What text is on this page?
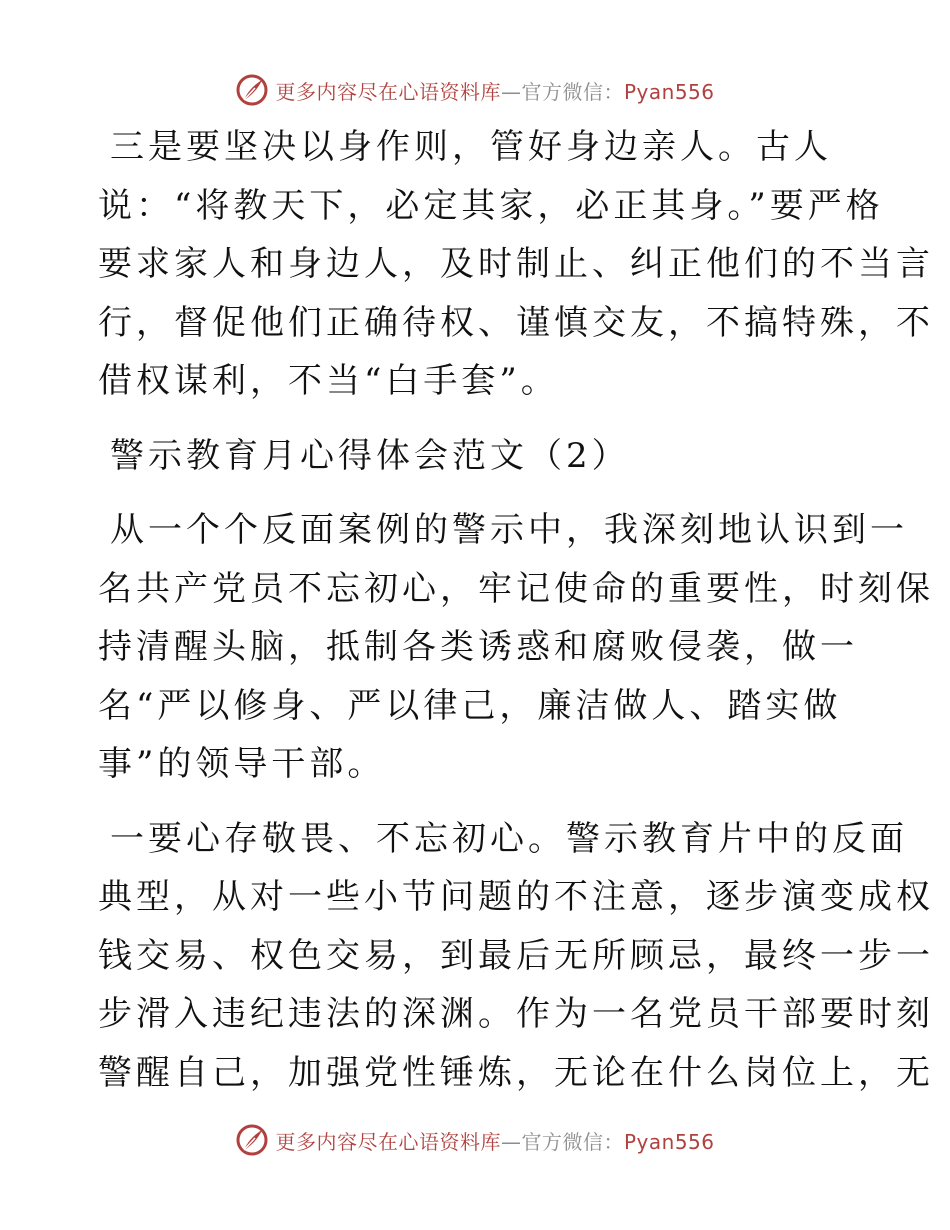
更多内容尽在心语资料库—官方微信：Pyan556
三是要坚决以身作则，管好身边亲人。古人
说：“将教天下，必定其家，必正其身。”要严格
要求家人和身边人，及时制止、纠正他们的不当言
行，督促他们正确待权、谨慎交友，不搞特殊，不
借权谋利，不当“白手套”。
警示教育月心得体会范文（2）
从一个个反面案例的警示中，我深刻地认识到一
名共产党员不忘初心，牢记使命的重要性，时刻保
持清醒头脑，抵制各类诱惑和腐败侵袭，做一
名“严以修身、严以律己，廉洁做人、踏实做
事”的领导干部。
一要心存敬畏、不忘初心。警示教育片中的反面
典型，从对一些小节问题的不注意，逐步演变成权
钱交易、权色交易，到最后无所顾忌，最终一步一
步滑入违纪违法的深渊。作为一名党员干部要时刻
警醒自己，加强党性锤炼，无论在什么岗位上，无
更多内容尽在心语资料库—官方微信：Pyan556
